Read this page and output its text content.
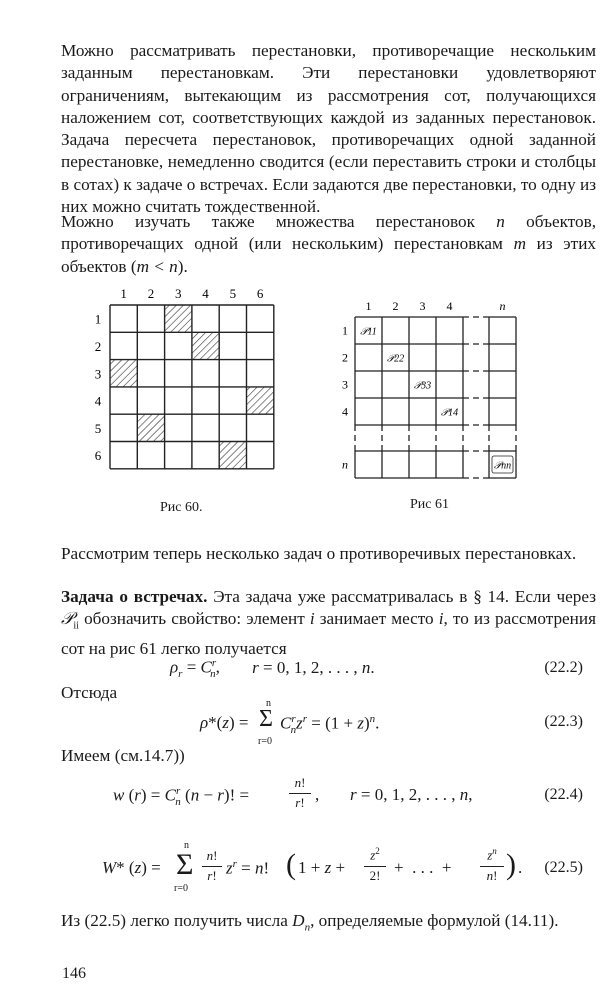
Можно рассматривать перестановки, противоречащие нескольким заданным перестановкам. Эти перестановки удовлетворяют ограничениям, вытекающим из рассмотрения сот, получающихся наложением сот, соответствующих каждой из заданных перестановок. Задача пересчета перестановок, противоречащих одной заданной перестановке, немедленно сводится (если переставить строки и столбцы в сотах) к задаче о встречах. Если задаются две перестановки, то одну из них можно считать тождественной.
Можно изучать также множества перестановок n объектов, противоречащих одной (или нескольким) перестановкам m из этих объектов (m < n).
1 2 3 4 5 6
1
2
3
4
5
6
Рис 60.
1 2 3 4	n
1
2
3
4
n
𝒫11
𝒫22
𝒫33
𝒫14
𝒫nn
Рис 61
Рассмотрим теперь несколько задач о противоречивых перестановках.
Задача о встречах. Эта задача уже рассматривалась в § 14. Если через 𝒫$_{ii}$ обозначить свойство: элемент i занимает место i, то из рассмотрения сот на рис 61 легко получается
$\rho_r = C^r_n$, r = 0, 1, 2, . . . , n.	(22.2)
Отсюда
ρ*(z) =
n
Σ
r=0
$C^r_nz^r = (1 + z)^n$.	(22.3)
Имеем (см.14.7))
w $(r) = C^r_n$ (n − r)! =
n!
r! , r = 0, 1, 2, . . . , n,	(22.4)
W* (z) =
n
Σ
r=0
n!
r! $z^r = n$! ( 1 + z +
$z^2$
2! +  . . .  +
$z^n$
n! ) . (22.5)
Из (22.5) легко получить числа $D_n$, определяемые формулой (14.11).
146
